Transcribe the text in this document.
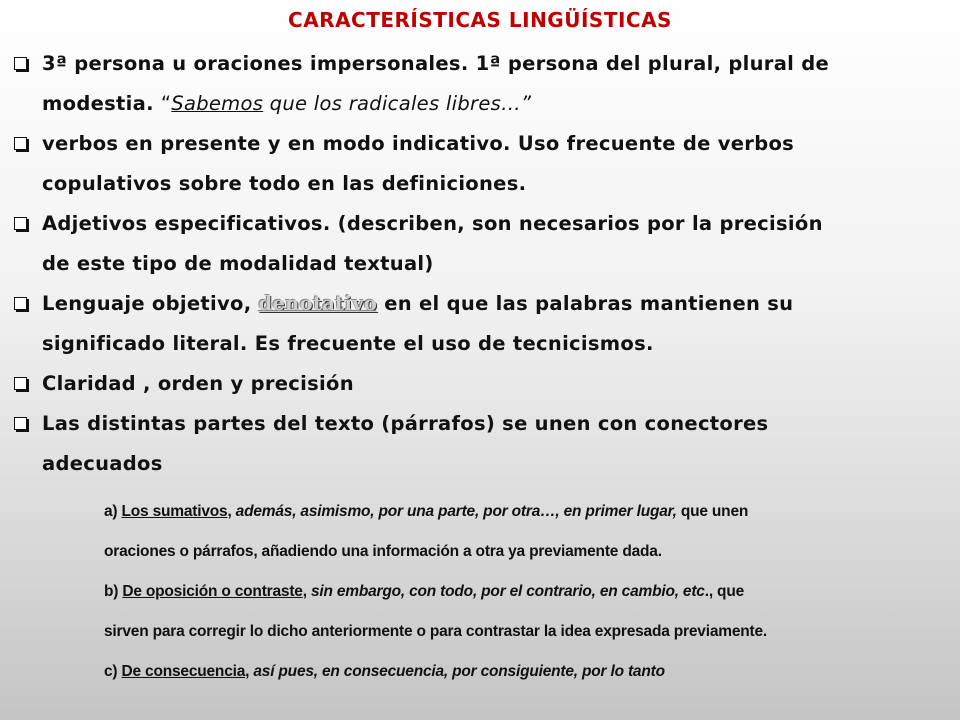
CARACTERÍSTICAS LINGÜÍSTICAS
3ª persona u oraciones impersonales. 1ª persona del plural, plural de
modestia. “Sabemos que los radicales libres…”
verbos en presente y en modo indicativo. Uso frecuente de verbos
copulativos sobre todo en las definiciones.
Adjetivos especificativos. (describen, son necesarios por la precisión
de este tipo de modalidad textual)
Lenguaje objetivo, denotativo en el que las palabras mantienen su
significado literal. Es frecuente el uso de tecnicismos.
Claridad , orden y precisión
Las distintas partes del texto (párrafos) se unen con conectores
adecuados
a) Los sumativos, además, asimismo, por una parte, por otra…, en primer lugar, que unen
oraciones o párrafos, añadiendo una información a otra ya previamente dada.
b) De oposición o contraste, sin embargo, con todo, por el contrario, en cambio, etc., que
sirven para corregir lo dicho anteriormente o para contrastar la idea expresada previamente.
c) De consecuencia, así pues, en consecuencia, por consiguiente, por lo tanto
